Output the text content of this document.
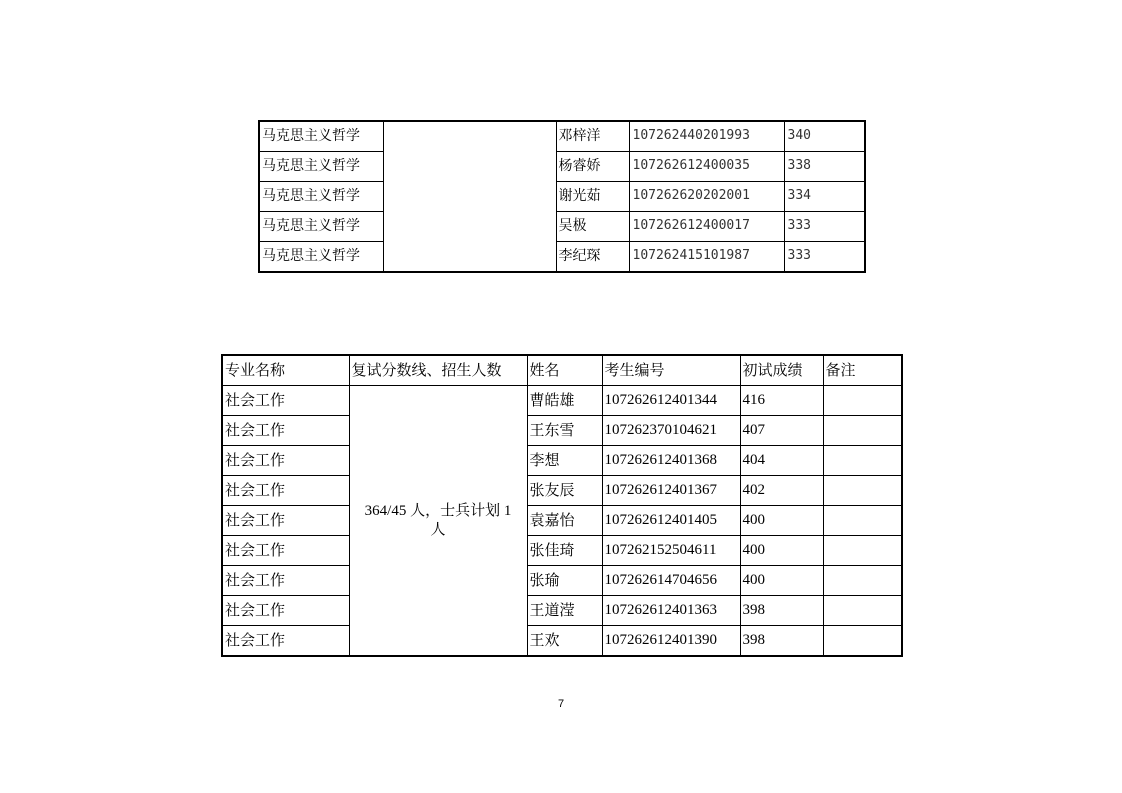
马克思主义哲学		邓梓洋	107262440201993	340
马克思主义哲学		杨睿娇	107262612400035	338
马克思主义哲学		谢光茹	107262620202001	334
马克思主义哲学		吴极	107262612400017	333
马克思主义哲学		李纪琛	107262415101987	333
专业名称	复试分数线、招生人数	姓名	考生编号	初试成绩	备注
社会工作	364/45 人，士兵计划 1 人	曹皓雄	107262612401344	416	
社会工作		王东雪	107262370104621	407	
社会工作		李想	107262612401368	404	
社会工作		张友辰	107262612401367	402	
社会工作		袁嘉怡	107262612401405	400	
社会工作		张佳琦	107262152504611	400	
社会工作		张瑜	107262614704656	400	
社会工作		王道滢	107262612401363	398	
社会工作		王欢	107262612401390	398	
7
